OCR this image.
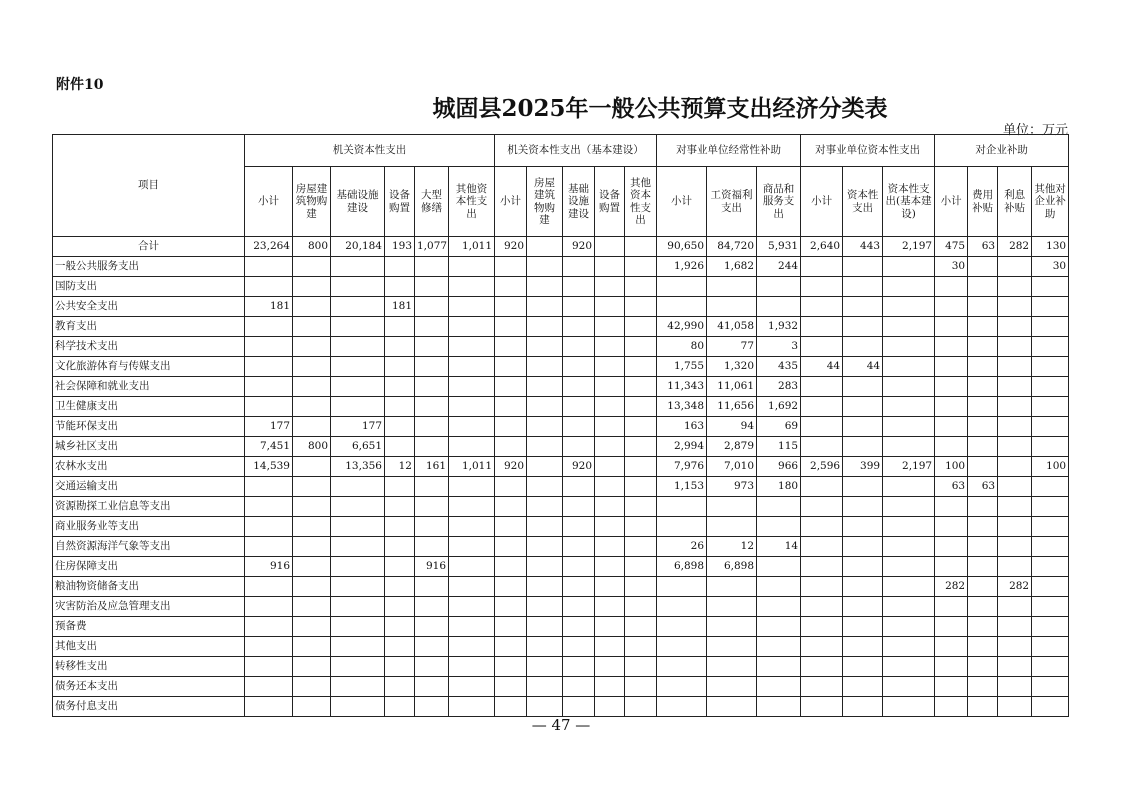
附件10
城固县2025年一般公共预算支出经济分类表
单位：万元
项目	机关资本性支出						机关资本性支出（基本建设）					对事业单位经常性补助			对事业单位资本性支出			对企业补助			
	小计	房屋建筑物购建	基础设施建设	设备购置	大型修缮	其他资本性支出	小计	房屋建筑物购建	基础设施建设	设备购置	其他资本性支出	小计	工资福利支出	商品和服务支出	小计	资本性支出	资本性支出(基本建设)	小计	费用补贴	利息补贴	其他对企业补助
合计	23,264	800	20,184	193	1,077	1,011	920		920			90,650	84,720	5,931	2,640	443	2,197	475	63	282	130
一般公共服务支出												1,926	1,682	244				30			30
国防支出																					
公共安全支出	181			181																	
教育支出												42,990	41,058	1,932							
科学技术支出												80	77	3							
文化旅游体育与传媒支出												1,755	1,320	435	44	44					
社会保障和就业支出												11,343	11,061	283							
卫生健康支出												13,348	11,656	1,692							
节能环保支出	177		177									163	94	69							
城乡社区支出	7,451	800	6,651									2,994	2,879	115							
农林水支出	14,539		13,356	12	161	1,011	920		920			7,976	7,010	966	2,596	399	2,197	100			100
交通运输支出												1,153	973	180				63	63		
资源勘探工业信息等支出																					
商业服务业等支出																					
自然资源海洋气象等支出												26	12	14							
住房保障支出	916				916							6,898	6,898								
粮油物资储备支出																		282		282	
灾害防治及应急管理支出																					
预备费																					
其他支出																					
转移性支出																					
债务还本支出																					
债务付息支出																					
— 47 —
